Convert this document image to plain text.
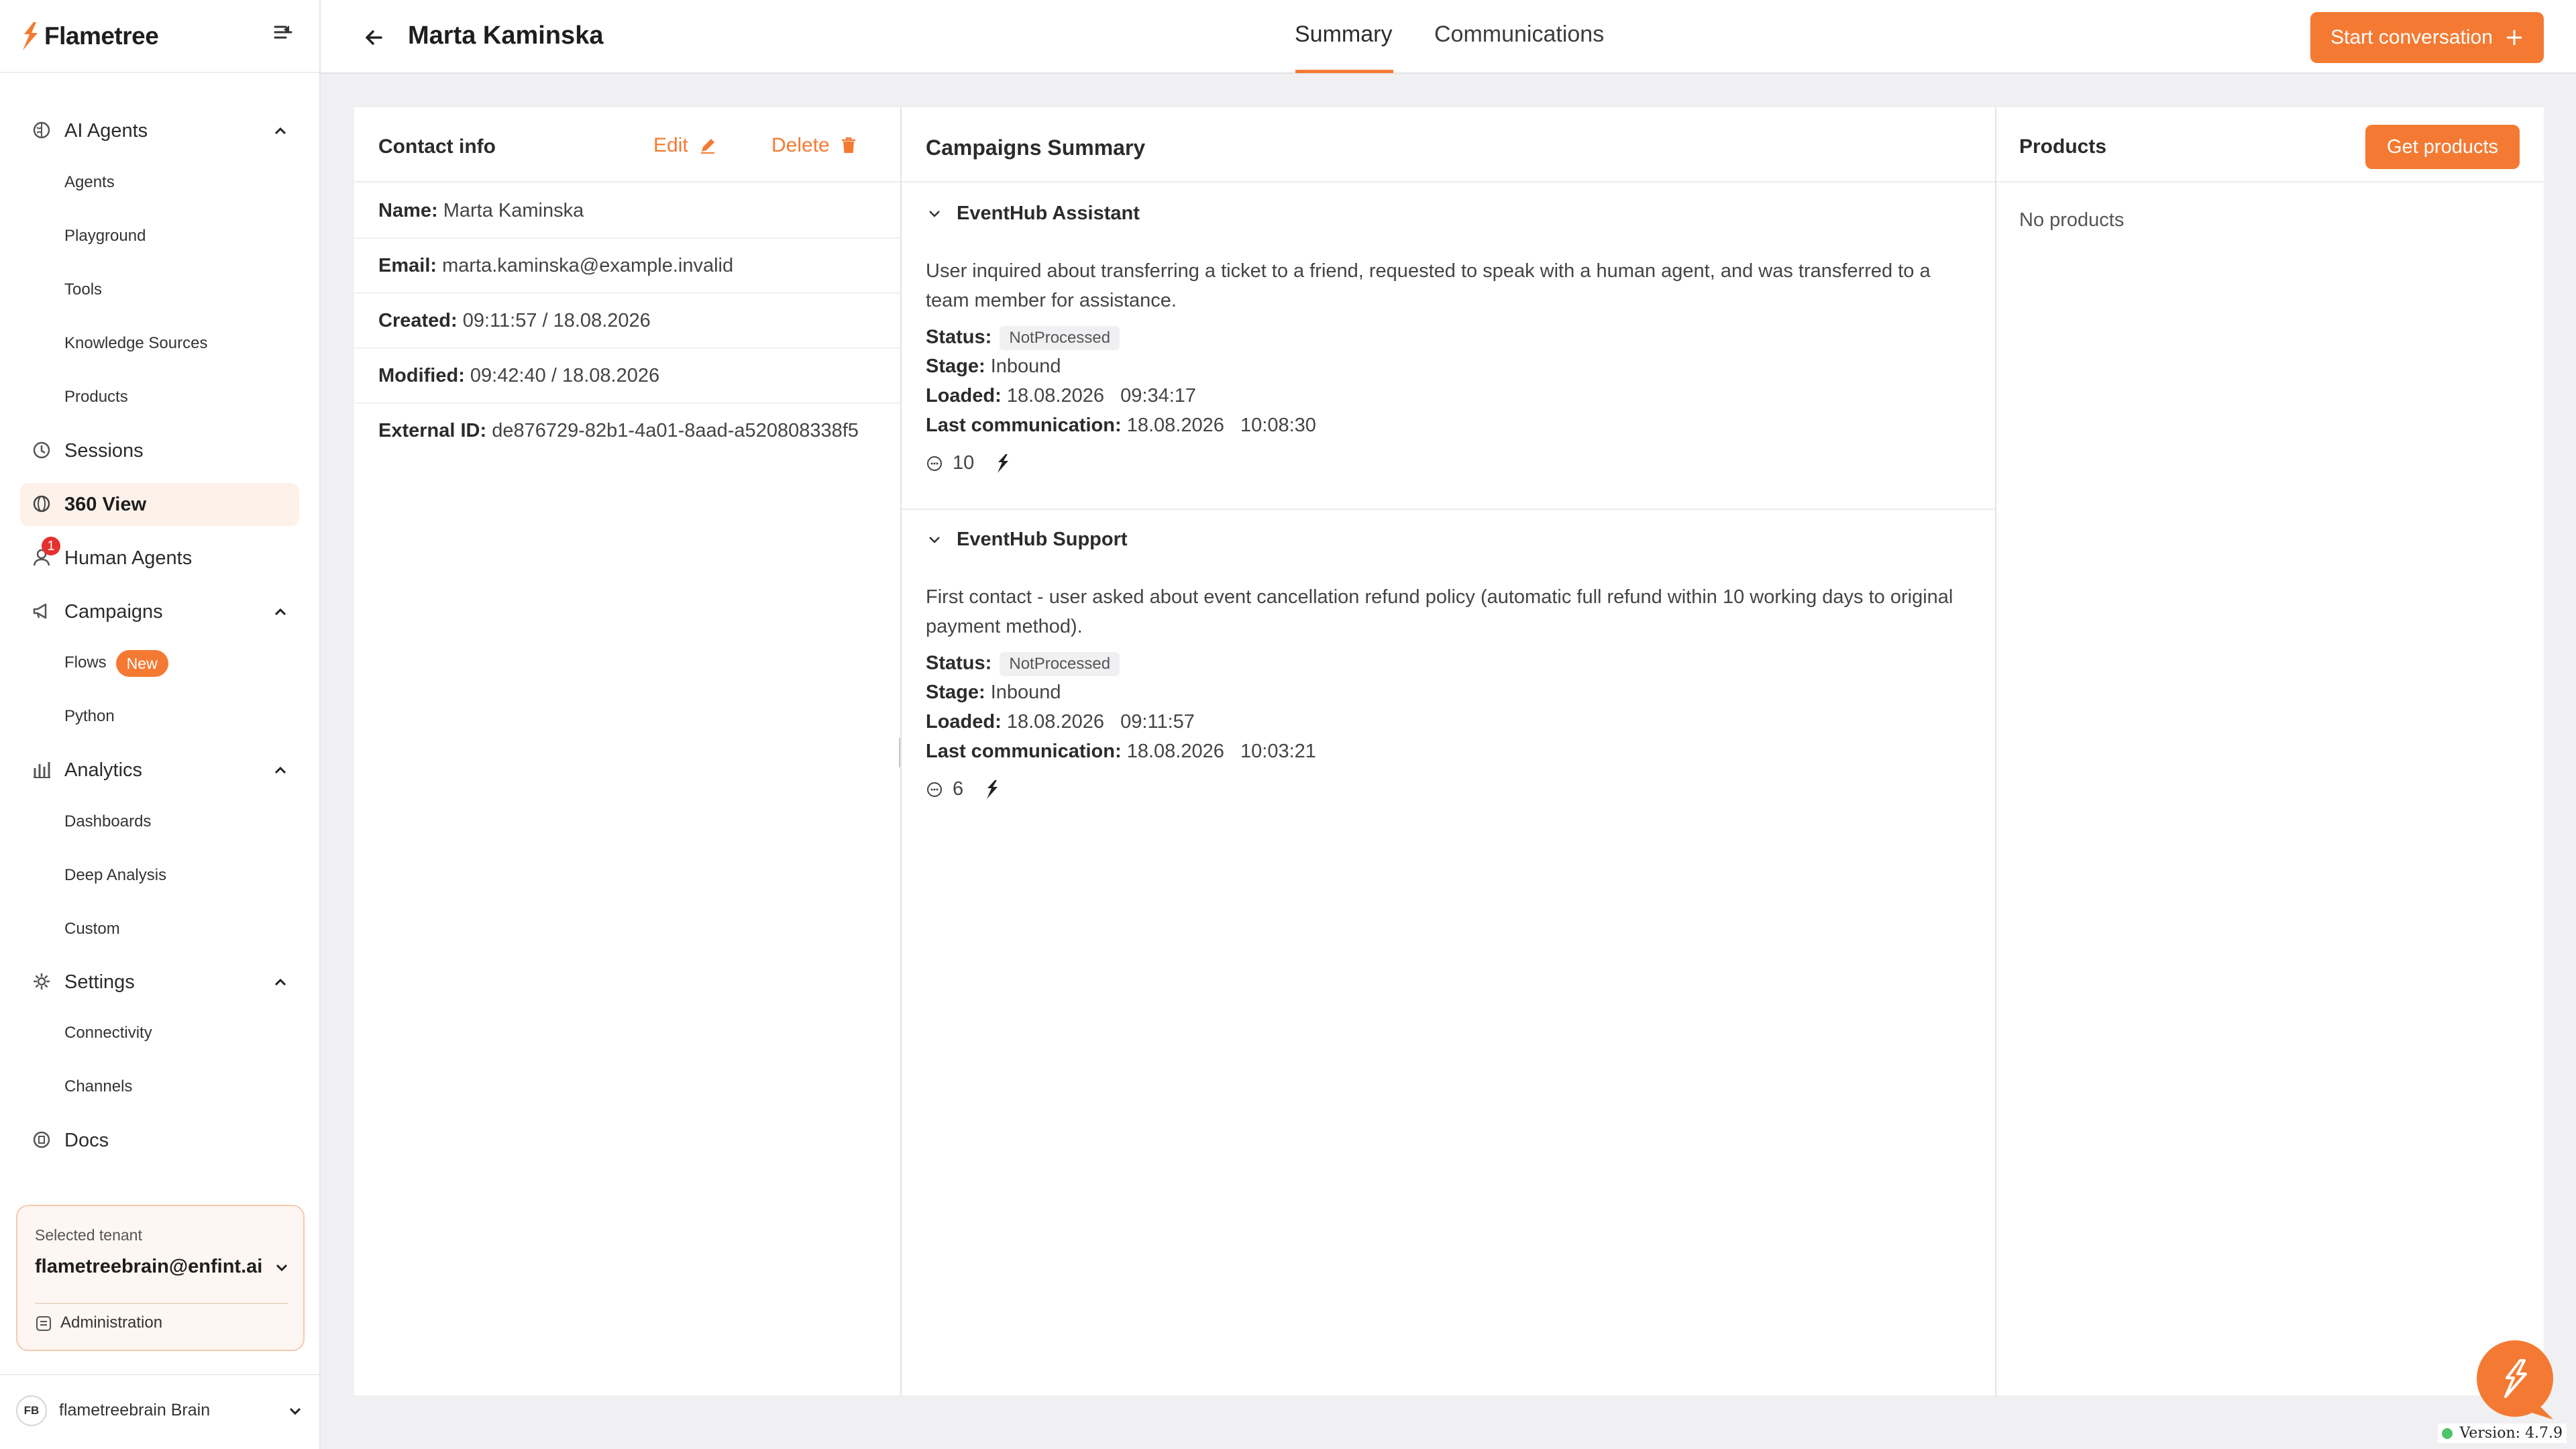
Flametree
AI Agents
Agents
Playground
Tools
Knowledge Sources
Products
Sessions
360 View
Human Agents
1
Campaigns
Flows New
Python
Analytics
Dashboards
Deep Analysis
Custom
Settings
Connectivity
Channels
Docs
Selected tenant
flametreebrain@enfint.ai
Administration
FB	flametreebrain Brain
Marta Kaminska	Summary Communications	Start conversation
Contact info	Edit	Delete
Name: Marta Kaminska
Email: marta.kaminska@example.invalid
Created: 09:11:57 / 18.08.2026
Modified: 09:42:40 / 18.08.2026
External ID: de876729-82b1-4a01-8aad-a520808338f5
Campaigns Summary
EventHub Assistant
User inquired about transferring a ticket to a friend, requested to speak with a human agent, and was transferred to a team member for assistance.
Status: NotProcessed
Stage: Inbound
Loaded: 18.08.2026   09:34:17
Last communication: 18.08.2026   10:08:30
10
EventHub Support
First contact - user asked about event cancellation refund policy (automatic full refund within 10 working days to original payment method).
Status: NotProcessed
Stage: Inbound
Loaded: 18.08.2026   09:11:57
Last communication: 18.08.2026   10:03:21
6
Products	Get products
No products
Version: 4.7.9
